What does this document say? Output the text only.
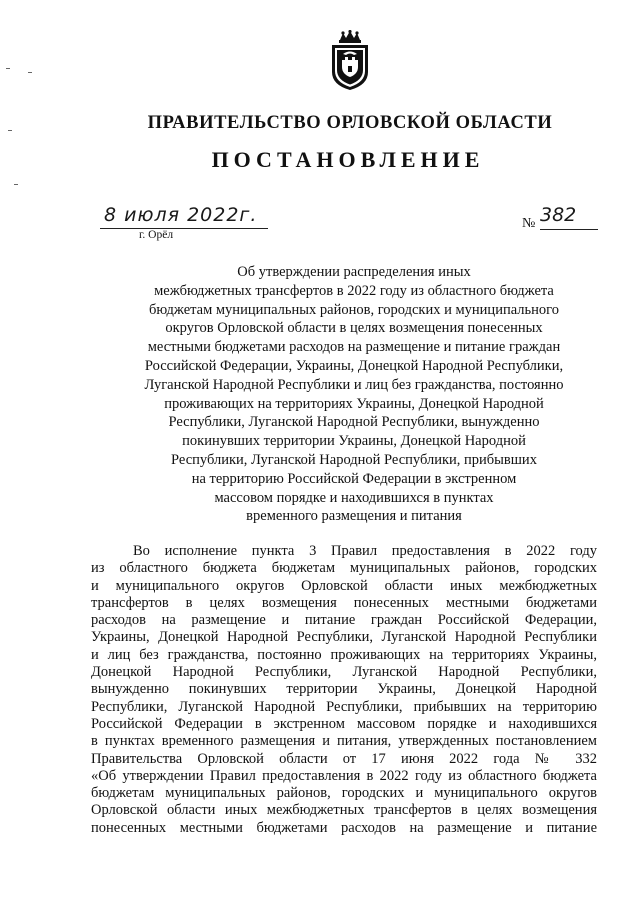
ПРАВИТЕЛЬСТВО ОРЛОВСКОЙ ОБЛАСТИ
ПОСТАНОВЛЕНИЕ
8 июля 2022г.
г. Орёл
№ 382
Об утверждении распределения иных
межбюджетных трансфертов в 2022 году из областного бюджета
бюджетам муниципальных районов, городских и муниципального
округов Орловской области в целях возмещения понесенных
местными бюджетами расходов на размещение и питание граждан
Российской Федерации, Украины, Донецкой Народной Республики,
Луганской Народной Республики и лиц без гражданства, постоянно
проживающих на территориях Украины, Донецкой Народной
Республики, Луганской Народной Республики, вынужденно
покинувших территории Украины, Донецкой Народной
Республики, Луганской Народной Республики, прибывших
на территорию Российской Федерации в экстренном
массовом порядке и находившихся в пунктах
временного размещения и питания
Во исполнение пункта 3 Правил предоставления в 2022 году
из областного бюджета бюджетам муниципальных районов, городских
и муниципального округов Орловской области иных межбюджетных
трансфертов в целях возмещения понесенных местными бюджетами
расходов на размещение и питание граждан Российской Федерации,
Украины, Донецкой Народной Республики, Луганской Народной Республики
и лиц без гражданства, постоянно проживающих на территориях Украины,
Донецкой Народной Республики, Луганской Народной Республики,
вынужденно покинувших территории Украины, Донецкой Народной
Республики, Луганской Народной Республики, прибывших на территорию
Российской Федерации в экстренном массовом порядке и находившихся
в пунктах временного размещения и питания, утвержденных постановлением
Правительства Орловской области от 17 июня 2022 года № 332
«Об утверждении Правил предоставления в 2022 году из областного бюджета
бюджетам муниципальных районов, городских и муниципального округов
Орловской области иных межбюджетных трансфертов в целях возмещения
понесенных местными бюджетами расходов на размещение и питание
